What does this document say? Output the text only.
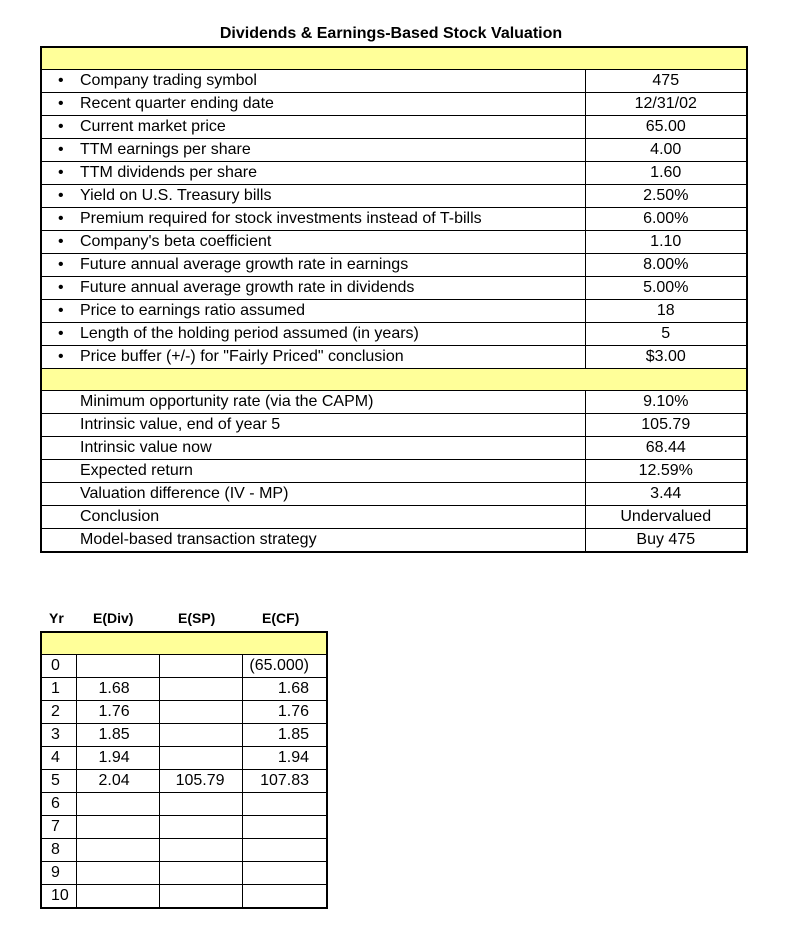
Dividends & Earnings-Based Stock Valuation

• Company trading symbol	475

• Recent quarter ending date	12/31/02

• Current market price	65.00

• TTM earnings per share	4.00

• TTM dividends per share	1.60

• Yield on U.S. Treasury bills	2.50%

• Premium required for stock investments instead of T-bills	6.00%

• Company's beta coefficient	1.10

• Future annual average growth rate in earnings	8.00%

• Future annual average growth rate in dividends	5.00%

• Price to earnings ratio assumed	18

• Length of the holding period assumed (in years)	5

• Price buffer (+/-) for "Fairly Priced" conclusion	$3.00

Minimum opportunity rate (via the CAPM)	9.10%
Intrinsic value, end of year 5	105.79
Intrinsic value now	68.44
Expected return	12.59%
Valuation difference (IV - MP)	3.44
Conclusion	Undervalued
Model-based transaction strategy	Buy 475
Yr E(Div)	E(SP)	E(CF)

0			(65.000)
1	1.68		1.68
2	1.76		1.76
3	1.85		1.85
4	1.94		1.94
5	2.04	105.79	107.83
6			
7			
8			
9			
10			
